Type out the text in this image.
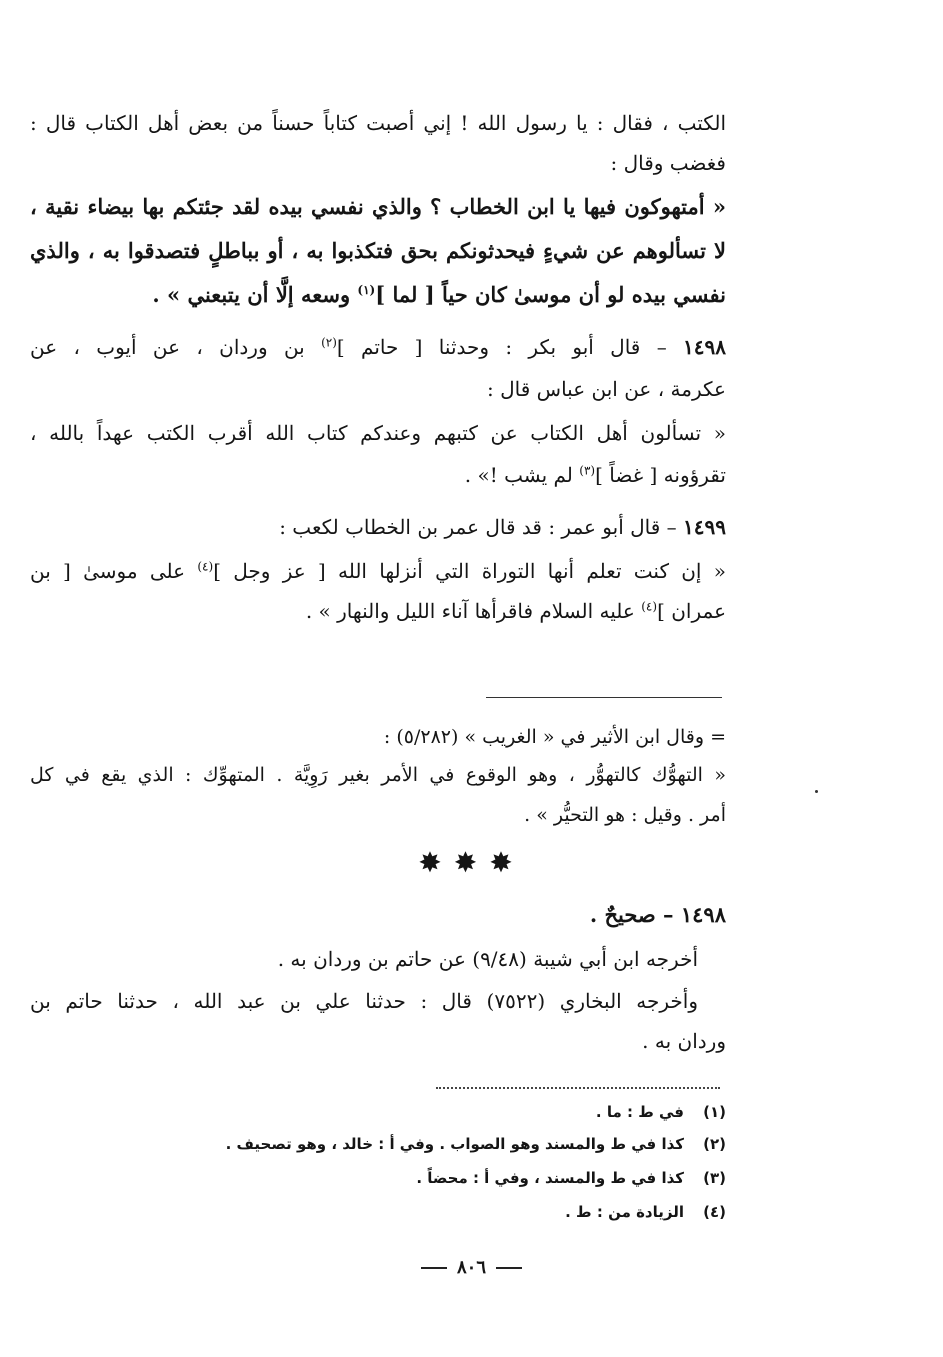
الكتب ، فقال : يا رسول الله ! إني أصبت كتاباً حسناً من بعض أهل الكتاب قال :
فغضب وقال :
« أمتهوكون فيها يا ابن الخطاب ؟ والذي نفسي بيده لقد جئتكم بها بيضاء نقية ،
لا تسألوهم عن شيءٍ فيحدثونكم بحق فتكذبوا به ، أو بباطلٍ فتصدقوا به ، والذي
نفسي بيده لو أن موسىٰ كان حياً [ لما ]$^{(١)}$ وسعه إلَّا أن يتبعني » .
١٤٩٨ – قال أبو بكر : وحدثنا [ حاتم ]$^{(٢)}$ بن وردان ، عن أيوب ، عن
عكرمة ، عن ابن عباس قال :
« تسألون أهل الكتاب عن كتبهم وعندكم كتاب الله أقرب الكتب عهداً بالله ،
تقرؤونه [ غضاً ]$^{(٣)}$ لم يشب !» .
١٤٩٩ – قال أبو عمر : قد قال عمر بن الخطاب لكعب :
« إن كنت تعلم أنها التوراة التي أنزلها الله [ عز وجل ]$^{(٤)}$ على موسىٰ [ بن
عمران ]$^{(٤)}$ عليه السلام فاقرأها آناء الليل والنهار » .
= وقال ابن الأثير في « الغريب » (٥/٢٨٢) :
« التهوُّك كالتهوُّر ، وهو الوقوع في الأمر بغير رَوِيَّة . المتهوِّك : الذي يقع في كل
أمر . وقيل : هو التحيُّر » .
✸✸✸
١٤٩٨ – صحيحٌ .
أخرجه ابن أبي شيبة (٩/٤٨) عن حاتم بن وردان به .
وأخرجه البخاري (٧٥٢٢) قال : حدثنا علي بن عبد الله ، حدثنا حاتم بن
وردان به .
(١)في ط : ما .
(٢)كذا في ط والمسند وهو الصواب . وفي أ : خالد ، وهو تصحيف .
(٣)كذا في ط والمسند ، وفي أ : محضاً .
(٤)الزيادة من : ط .
٨٠٦
